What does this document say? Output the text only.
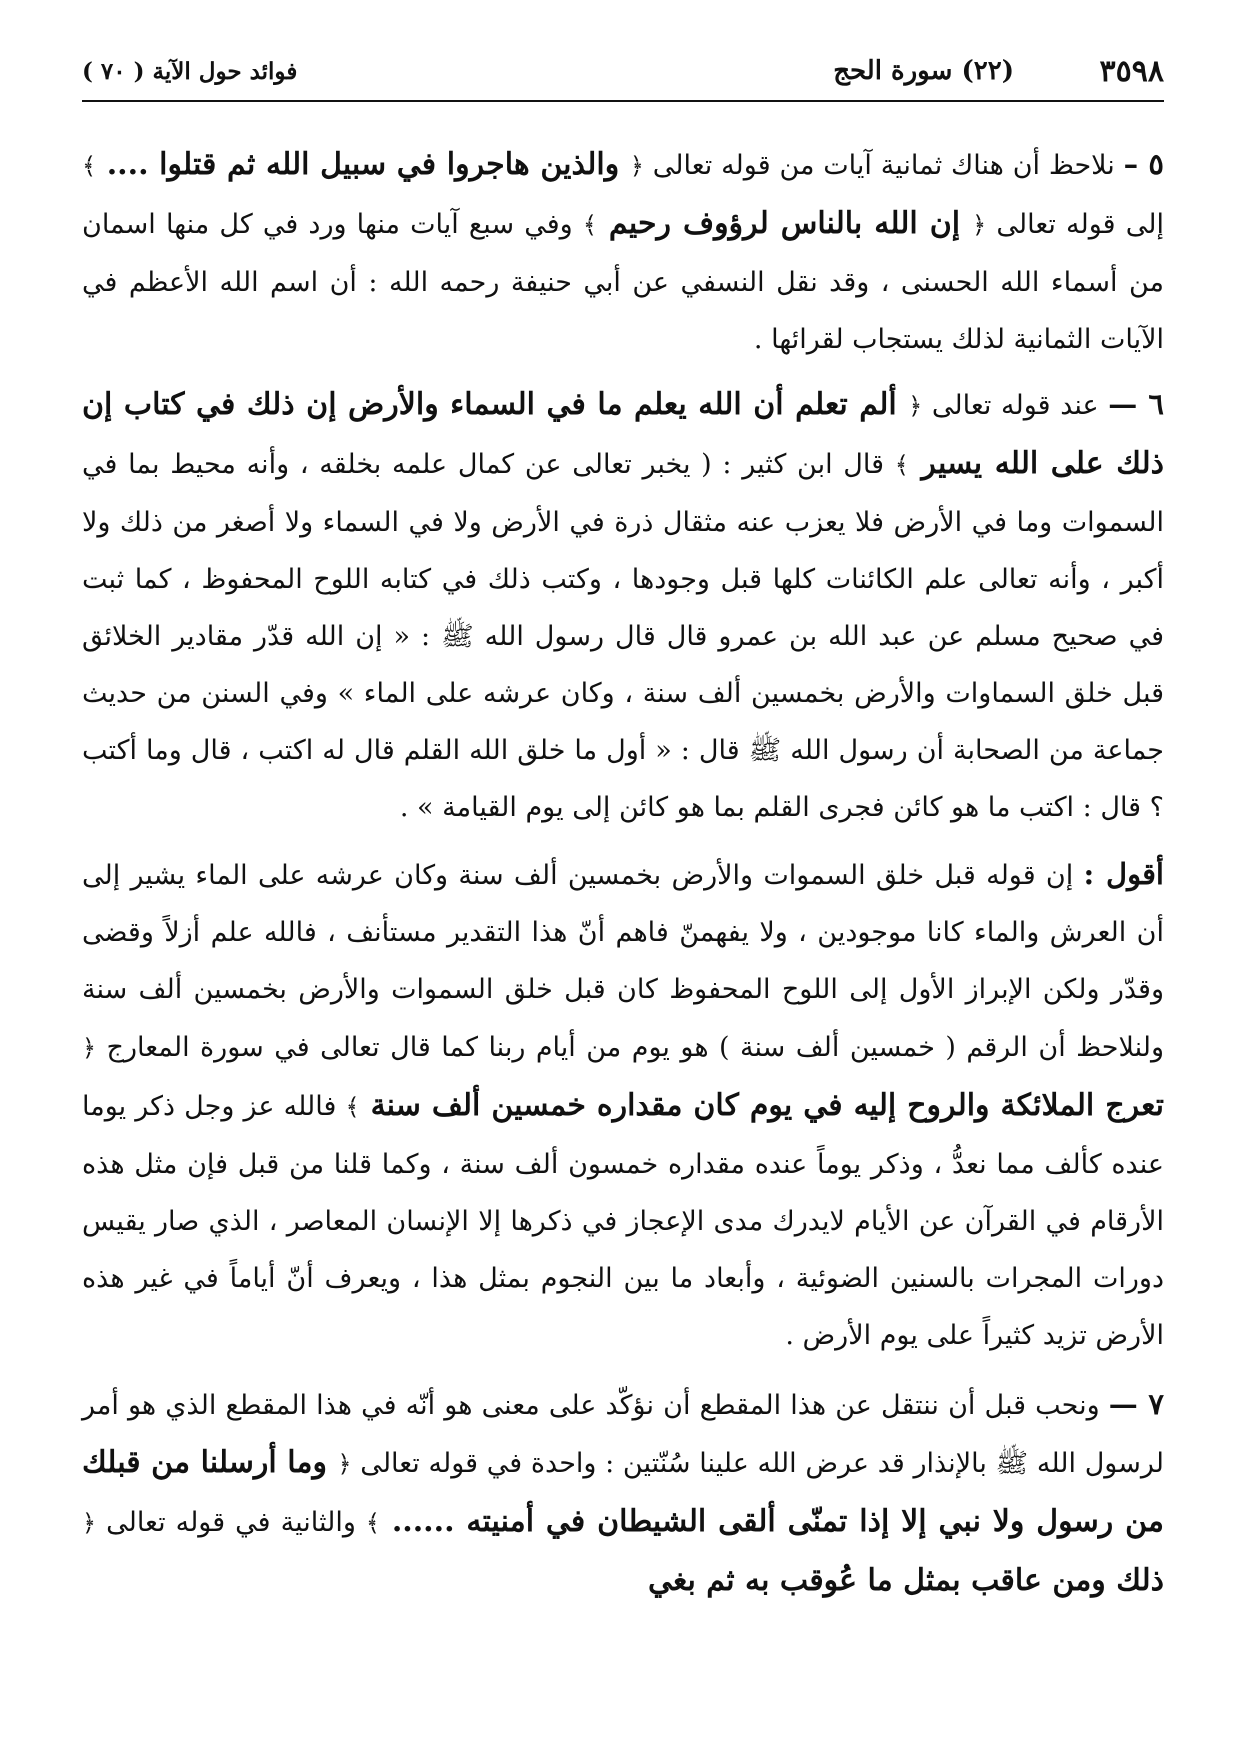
٣٥٩٨
(٢٢) سورة الحج
فوائد حول الآية ( ٧٠ )

٥ – نلاحظ أن هناك ثمانية آيات من قوله تعالى ﴿ والذين هاجروا في سبيل الله ثم قتلوا .... ﴾ إلى قوله تعالى ﴿ إن الله بالناس لرؤوف رحيم ﴾ وفي سبع آيات منها ورد في كل منها اسمان من أسماء الله الحسنى ، وقد نقل النسفي عن أبي حنيفة رحمه الله : أن اسم الله الأعظم في الآيات الثمانية لذلك يستجاب لقرائها .

٦ — عند قوله تعالى ﴿ ألم تعلم أن الله يعلم ما في السماء والأرض إن ذلك في كتاب إن ذلك على الله يسير ﴾ قال ابن كثير : ( يخبر تعالى عن كمال علمه بخلقه ، وأنه محيط بما في السموات وما في الأرض فلا يعزب عنه مثقال ذرة في الأرض ولا في السماء ولا أصغر من ذلك ولا أكبر ، وأنه تعالى علم الكائنات كلها قبل وجودها ، وكتب ذلك في كتابه اللوح المحفوظ ، كما ثبت في صحيح مسلم عن عبد الله بن عمرو قال قال رسول الله ﷺ : « إن الله قدّر مقادير الخلائق قبل خلق السماوات والأرض بخمسين ألف سنة ، وكان عرشه على الماء » وفي السنن من حديث جماعة من الصحابة أن رسول الله ﷺ قال : « أول ما خلق الله القلم قال له اكتب ، قال وما أكتب ؟ قال : اكتب ما هو كائن فجرى القلم بما هو كائن إلى يوم القيامة » .

أقول : إن قوله قبل خلق السموات والأرض بخمسين ألف سنة وكان عرشه على الماء يشير إلى أن العرش والماء كانا موجودين ، ولا يفهمنّ فاهم أنّ هذا التقدير مستأنف ، فالله علم أزلاً وقضى وقدّر ولكن الإبراز الأول إلى اللوح المحفوظ كان قبل خلق السموات والأرض بخمسين ألف سنة ولنلاحظ أن الرقم ( خمسين ألف سنة ) هو يوم من أيام ربنا كما قال تعالى في سورة المعارج ﴿ تعرج الملائكة والروح إليه في يوم كان مقداره خمسين ألف سنة ﴾ فالله عز وجل ذكر يوما عنده كألف مما نعدُّ ، وذكر يوماً عنده مقداره خمسون ألف سنة ، وكما قلنا من قبل فإن مثل هذه الأرقام في القرآن عن الأيام لايدرك مدى الإعجاز في ذكرها إلا الإنسان المعاصر ، الذي صار يقيس دورات المجرات بالسنين الضوئية ، وأبعاد ما بين النجوم بمثل هذا ، ويعرف أنّ أياماً في غير هذه الأرض تزيد كثيراً على يوم الأرض .

٧ — ونحب قبل أن ننتقل عن هذا المقطع أن نؤكّد على معنى هو أنّه في هذا المقطع الذي هو أمر لرسول الله ﷺ بالإنذار قد عرض الله علينا سُنّتين : واحدة في قوله تعالى ﴿ وما أرسلنا من قبلك من رسول ولا نبي إلا إذا تمنّى ألقى الشيطان في أمنيته ...... ﴾ والثانية في قوله تعالى ﴿ ذلك ومن عاقب بمثل ما عُوقب به ثم بغي
